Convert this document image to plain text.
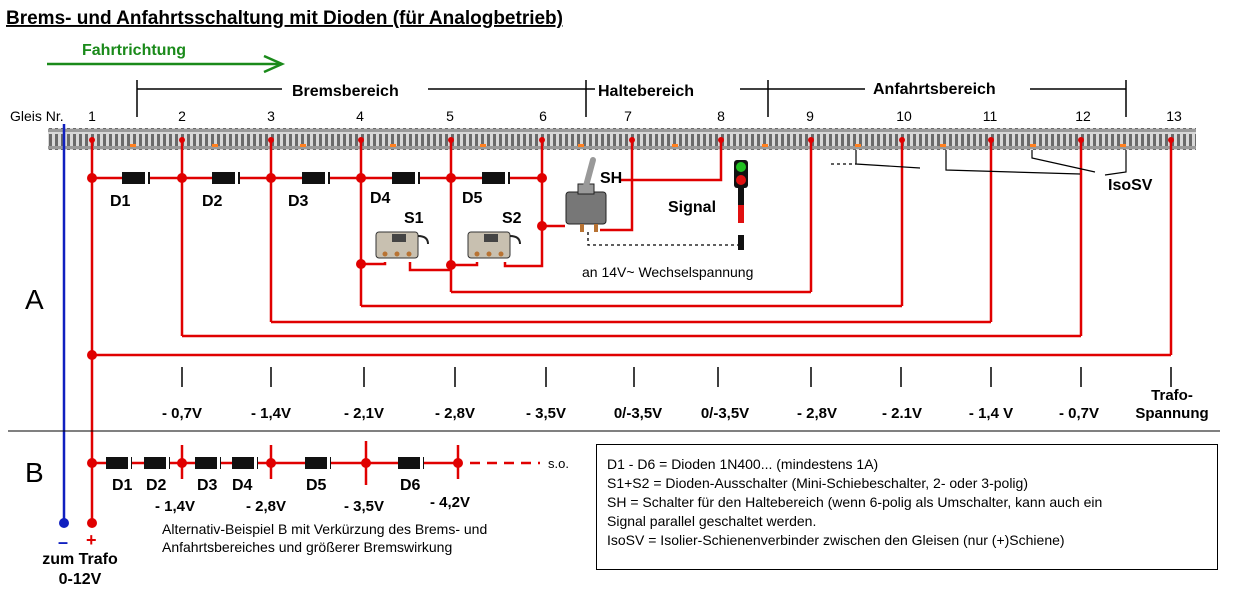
Brems- und Anfahrtsschaltung mit Dioden (für Analogbetrieb)
Fahrtrichtung
Bremsbereich	Haltebereich	Anfahrtsbereich
Gleis Nr. 1	2	3	4	5	6	7	8	9	10	11	12	13
D1	D2	D3	D4	D5
S1	S2
SH
an 14V~ Wechselspannung
Signal
IsoSV
A
- 0,7V	- 1,4V	- 2,1V	- 2,8V	- 3,5V	0/-3,5V	0/-3,5V	- 2,8V	- 2.1V	- 1,4 V	- 0,7V
Trafo-
Spannung
B	D1 D2 D3 D4	D5	D6
s.o.
- 1,4V	- 2,8V	- 3,5V	- 4,2V
Alternativ-Beispiel B mit Verkürzung des Brems- und
Anfahrtsbereiches und größerer Bremswirkung
– +
zum Trafo
0-12V
D1 - D6 = Dioden 1N400... (mindestens 1A)
S1+S2 = Dioden-Ausschalter (Mini-Schiebeschalter, 2- oder 3-polig)
SH = Schalter für den Haltebereich (wenn 6-polig als Umschalter, kann auch ein
Signal parallel geschaltet werden.
IsoSV = Isolier-Schienenverbinder zwischen den Gleisen (nur (+)Schiene)
